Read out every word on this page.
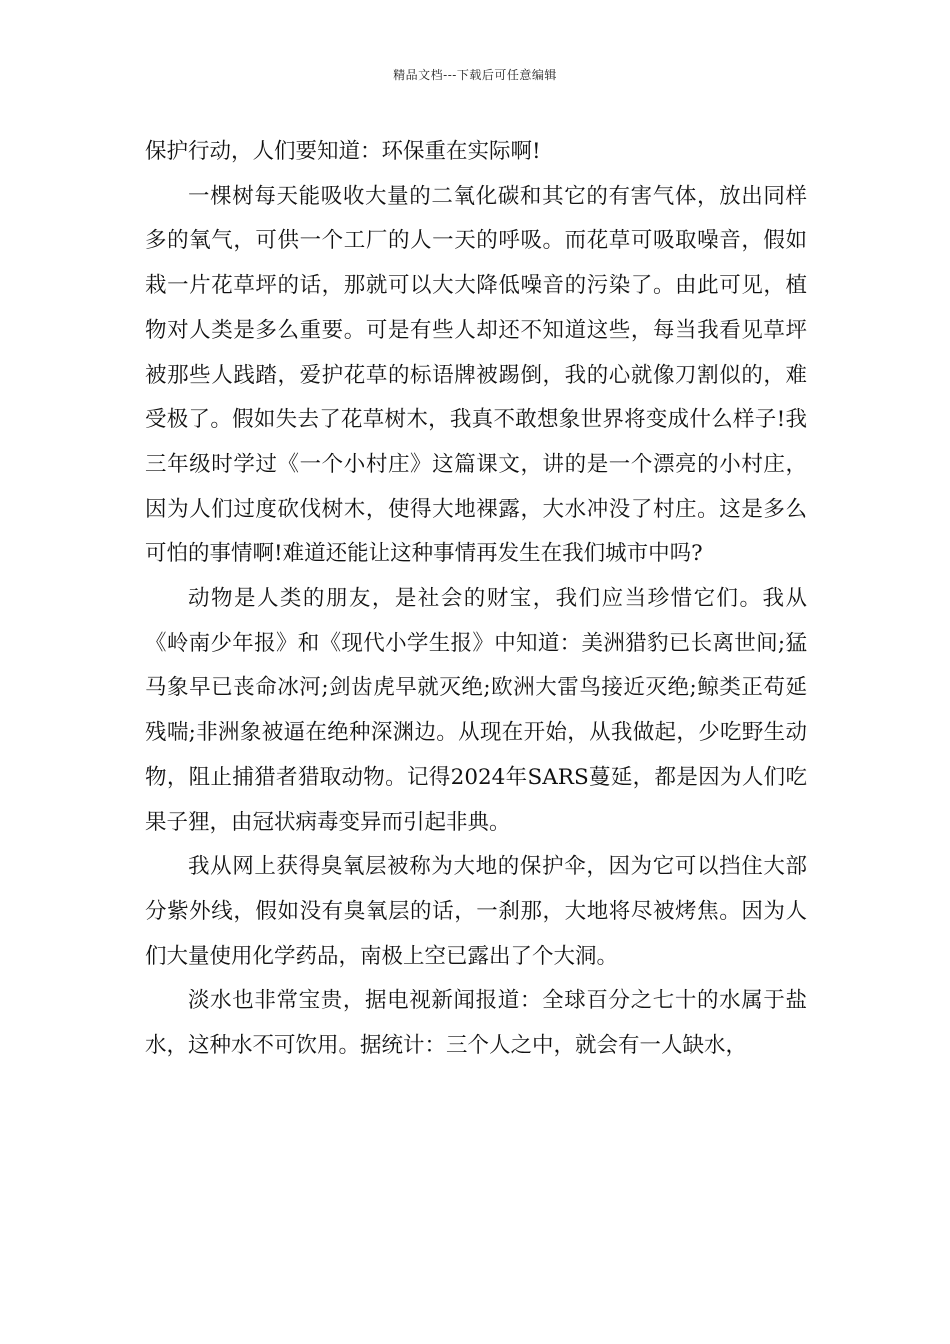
精品文档---下载后可任意编辑

保护行动，人们要知道：环保重在实际啊!

一棵树每天能吸收大量的二氧化碳和其它的有害气体，放出同样多的氧气，可供一个工厂的人一天的呼吸。而花草可吸取噪音，假如栽一片花草坪的话，那就可以大大降低噪音的污染了。由此可见，植物对人类是多么重要。可是有些人却还不知道这些，每当我看见草坪被那些人践踏，爱护花草的标语牌被踢倒，我的心就像刀割似的，难受极了。假如失去了花草树木，我真不敢想象世界将变成什么样子!我三年级时学过《一个小村庄》这篇课文，讲的是一个漂亮的小村庄，因为人们过度砍伐树木，使得大地裸露，大水冲没了村庄。这是多么可怕的事情啊!难道还能让这种事情再发生在我们城市中吗?

动物是人类的朋友，是社会的财宝，我们应当珍惜它们。我从《岭南少年报》和《现代小学生报》中知道：美洲猎豹已长离世间;猛马象早已丧命冰河;剑齿虎早就灭绝;欧洲大雷鸟接近灭绝;鲸类正苟延残喘;非洲象被逼在绝种深渊边。从现在开始，从我做起，少吃野生动物，阻止捕猎者猎取动物。记得2024年SARS蔓延，都是因为人们吃果子狸，由冠状病毒变异而引起非典。

我从网上获得臭氧层被称为大地的保护伞，因为它可以挡住大部分紫外线，假如没有臭氧层的话，一刹那，大地将尽被烤焦。因为人们大量使用化学药品，南极上空已露出了个大洞。

淡水也非常宝贵，据电视新闻报道：全球百分之七十的水属于盐水，这种水不可饮用。据统计：三个人之中，就会有一人缺水，
